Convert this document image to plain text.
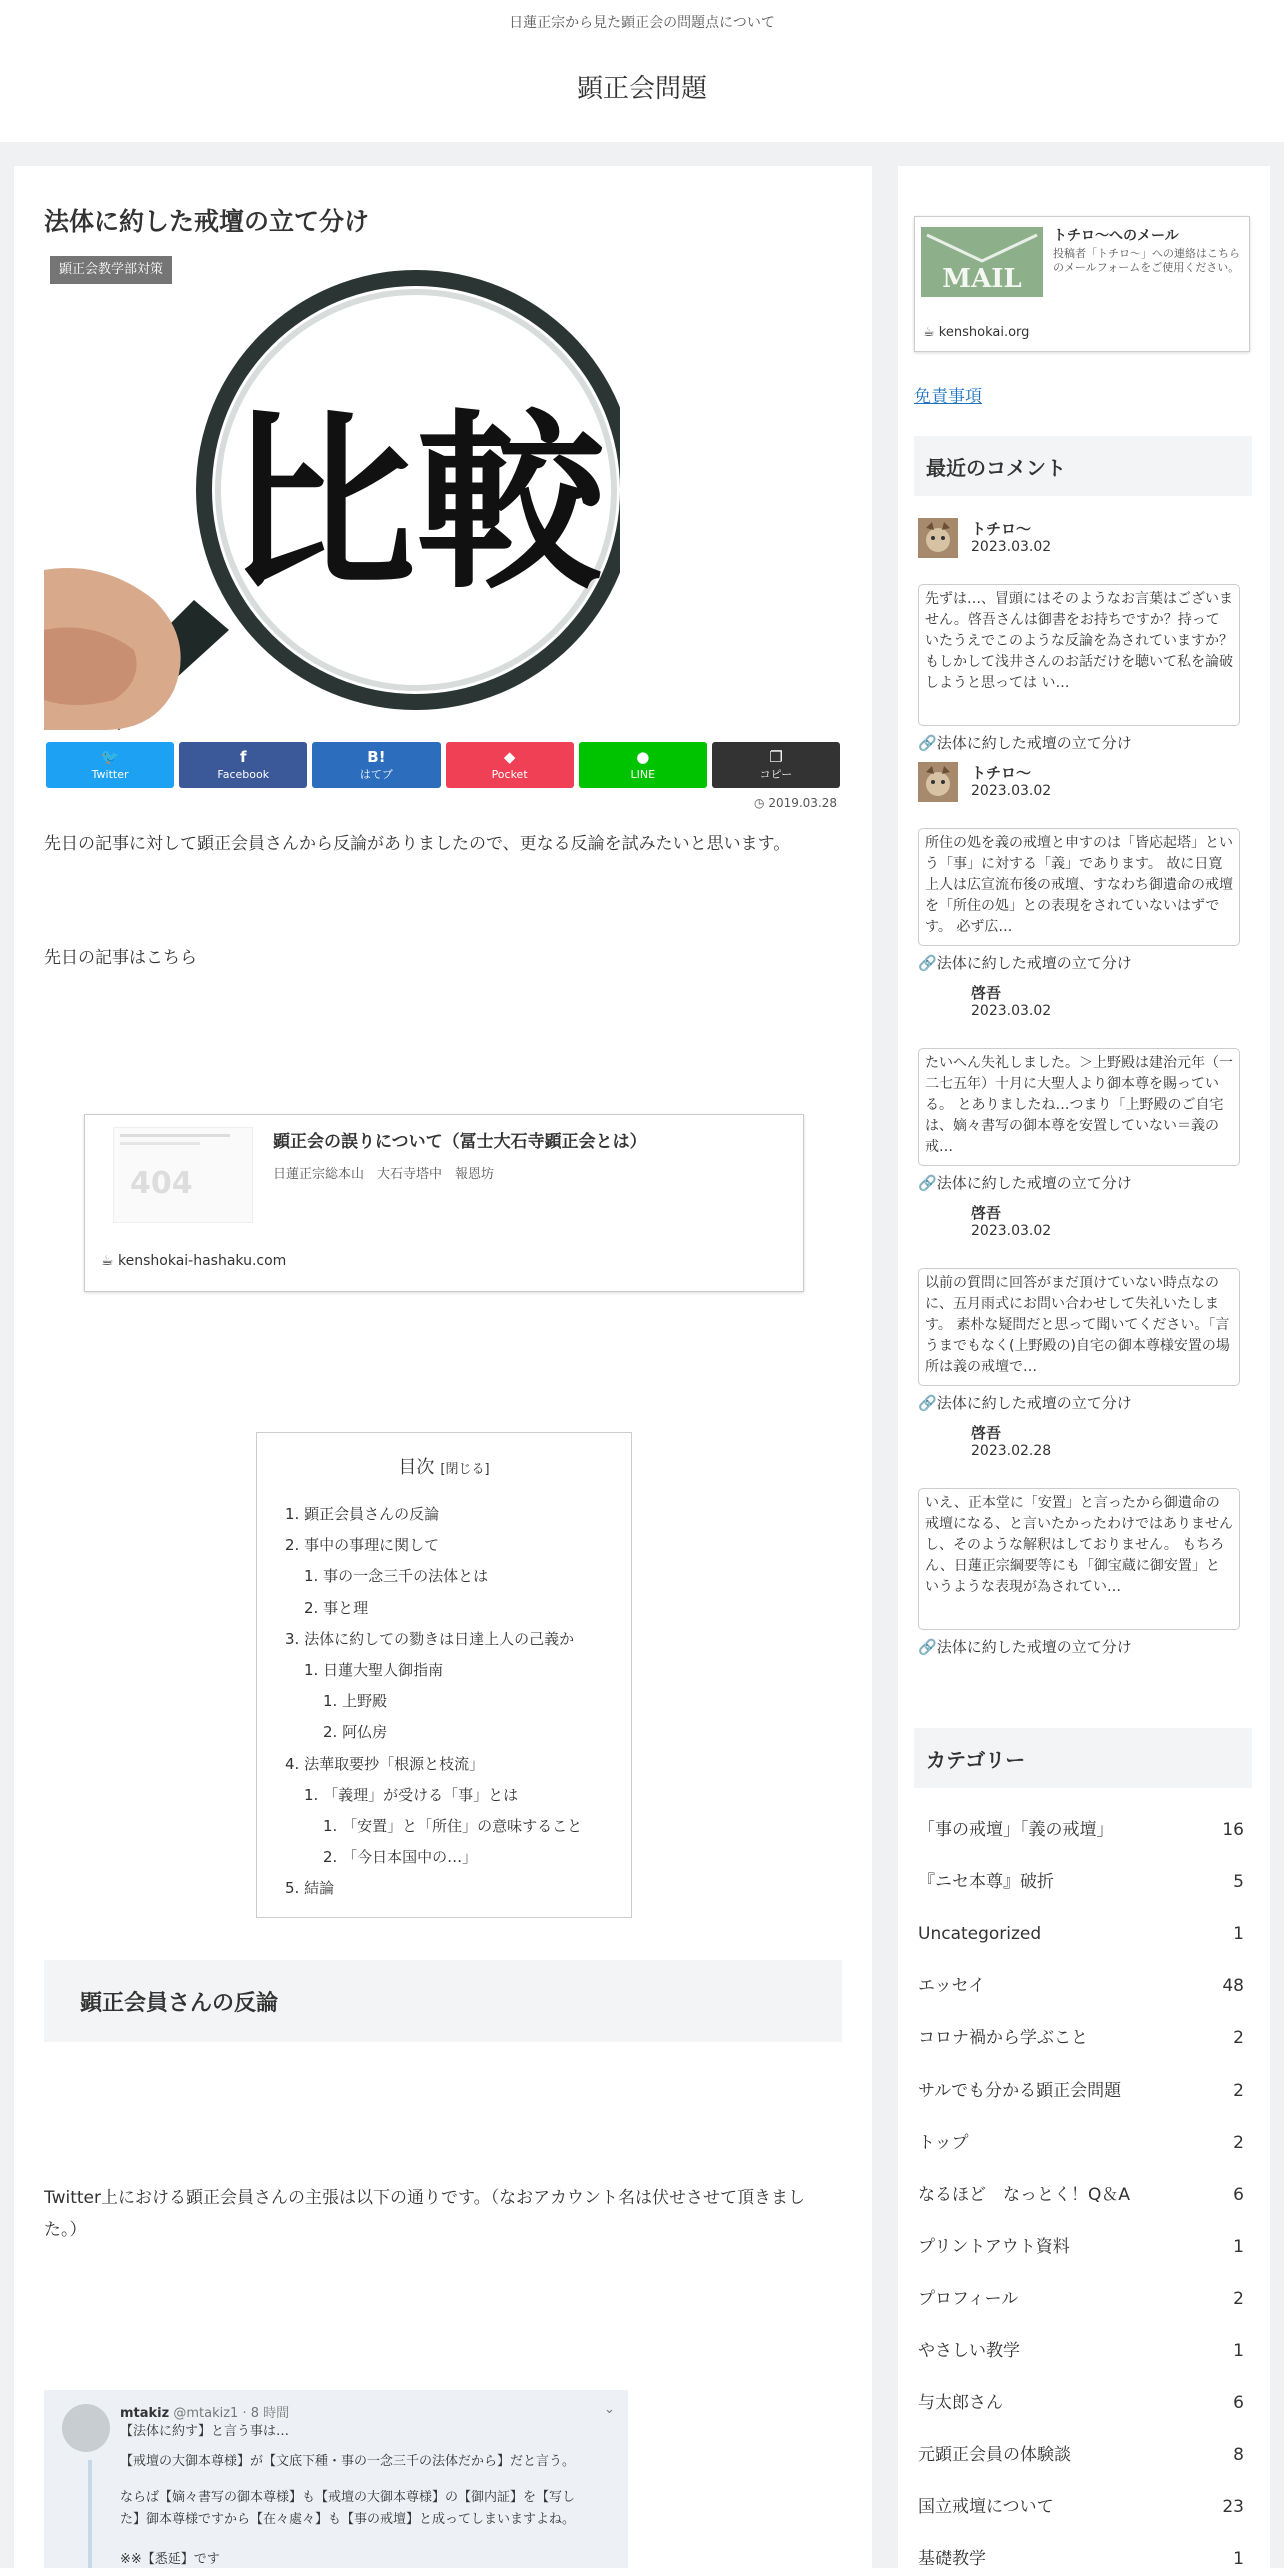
日蓮正宗から見た顕正会の問題点について
顕正会問題
法体に約した戒壇の立て分け
比較
顕正会教学部対策
🐦
Twitter
f
Facebook
B!
はてブ
◆
Pocket
●
LINE
❐
コピー
◷ 2019.03.28
先日の記事に対して顕正会員さんから反論がありましたので、更なる反論を試みたいと思います。
先日の記事はこちら
404
顕正会の誤りについて（冨士大石寺顕正会とは）
日蓮正宗総本山　大石寺塔中　報恩坊
☕ kenshokai-hashaku.com
目次 [閉じる]
1. 顕正会員さんの反論
2. 事中の事理に関して
1. 事の一念三千の法体とは
2. 事と理
3. 法体に約しての勠きは日達上人の己義か
1. 日蓮大聖人御指南
1. 上野殿
2. 阿仏房
4. 法華取要抄「根源と枝流」
1. 「義理」が受ける「事」とは
1. 「安置」と「所住」の意味すること
2. 「今日本国中の…」
5. 結論
顕正会員さんの反論
Twitter上における顕正会員さんの主張は以下の通りです。（なおアカウント名は伏せさせて頂きました。）
mtakiz @mtakiz1 · 8 時間	⌄
【法体に約す】と言う事は…
【戒壇の大御本尊様】が【文底下種・事の一念三千の法体だから】だと言う。
ならば【嫡々書写の御本尊様】も【戒壇の大御本尊様】の【御内証】を【写し
た】御本尊様ですから【在々處々】も【事の戒壇】と成ってしまいますよね。
※※【悉延】です
MAIL
トチロ～へのメール
投稿者「トチロ～」への連絡はこちらのメールフォームをご使用ください。
☕ kenshokai.org
免責事項
最近のコメント
トチロ～
2023.03.02
先ずは…、冒頭にはそのようなお言葉はございません。啓吾さんは御書をお持ちですか？持っていたうえでこのような反論を為されていますか？ もしかして浅井さんのお話だけを聴いて私を論破しようと思っては い…
🔗法体に約した戒壇の立て分け
トチロ～
2023.03.02
所住の処を義の戒壇と申すのは「皆応起塔」という「事」に対する「義」であります。 故に日寛上人は広宣流布後の戒壇、すなわち御遺命の戒壇を「所住の処」との表現をされていないはずです。 必ず広…
🔗法体に約した戒壇の立て分け
啓吾
2023.03.02
たいへん失礼しました。＞上野殿は建治元年（一二七五年）十月に大聖人より御本尊を賜っている。 とありましたね…つまり「上野殿のご自宅は、嫡々書写の御本尊を安置していない＝義の戒…
🔗法体に約した戒壇の立て分け
啓吾
2023.03.02
以前の質問に回答がまだ頂けていない時点なのに、五月雨式にお問い合わせして失礼いたします。 素朴な疑問だと思って聞いてください。「言うまでもなく(上野殿の)自宅の御本尊様安置の場所は義の戒壇で…
🔗法体に約した戒壇の立て分け
啓吾
2023.02.28
いえ、正本堂に「安置」と言ったから御遺命の戒壇になる、と言いたかったわけではありませんし、そのような解釈はしておりません。 もちろん、日蓮正宗綱要等にも「御宝蔵に御安置」というような表現が為されてい…
🔗法体に約した戒壇の立て分け
カテゴリー
「事の戒壇」「義の戒壇」	16
『ニセ本尊』破折	5
Uncategorized	1
エッセイ	48
コロナ禍から学ぶこと	2
サルでも分かる顕正会問題	2
トップ	2
なるほど　なっとく！Q＆A	6
プリントアウト資料	1
プロフィール	2
やさしい教学	1
与太郎さん	6
元顕正会員の体験談	8
国立戒壇について	23
基礎教学	1
